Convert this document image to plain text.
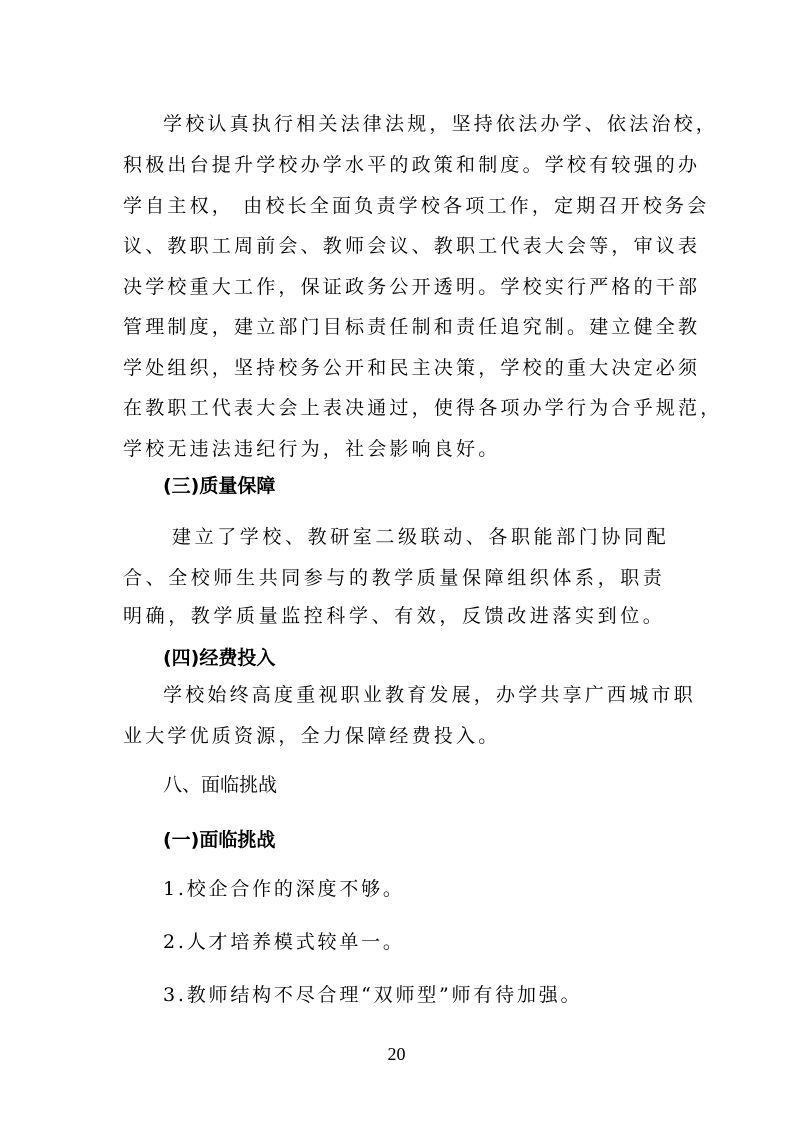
学校认真执行相关法律法规，坚持依法办学、依法治校，

积极出台提升学校办学水平的政策和制度。学校有较强的办

学自主权， 由校长全面负责学校各项工作，定期召开校务会

议、教职工周前会、教师会议、教职工代表大会等，审议表

决学校重大工作，保证政务公开透明。学校实行严格的干部

管理制度，建立部门目标责任制和责任追究制。建立健全教

学处组织，坚持校务公开和民主决策，学校的重大决定必须

在教职工代表大会上表决通过，使得各项办学行为合乎规范，

学校无违法违纪行为，社会影响良好。

(三)质量保障

建立了学校、教研室二级联动、各职能部门协同配

合、全校师生共同参与的教学质量保障组织体系，职责

明确，教学质量监控科学、有效，反馈改进落实到位。

(四)经费投入

学校始终高度重视职业教育发展，办学共享广西城市职

业大学优质资源，全力保障经费投入。

八、面临挑战

(一)面临挑战

1.校企合作的深度不够。

2.人才培养模式较单一。

3.教师结构不尽合理“双师型”师有待加强。

20
